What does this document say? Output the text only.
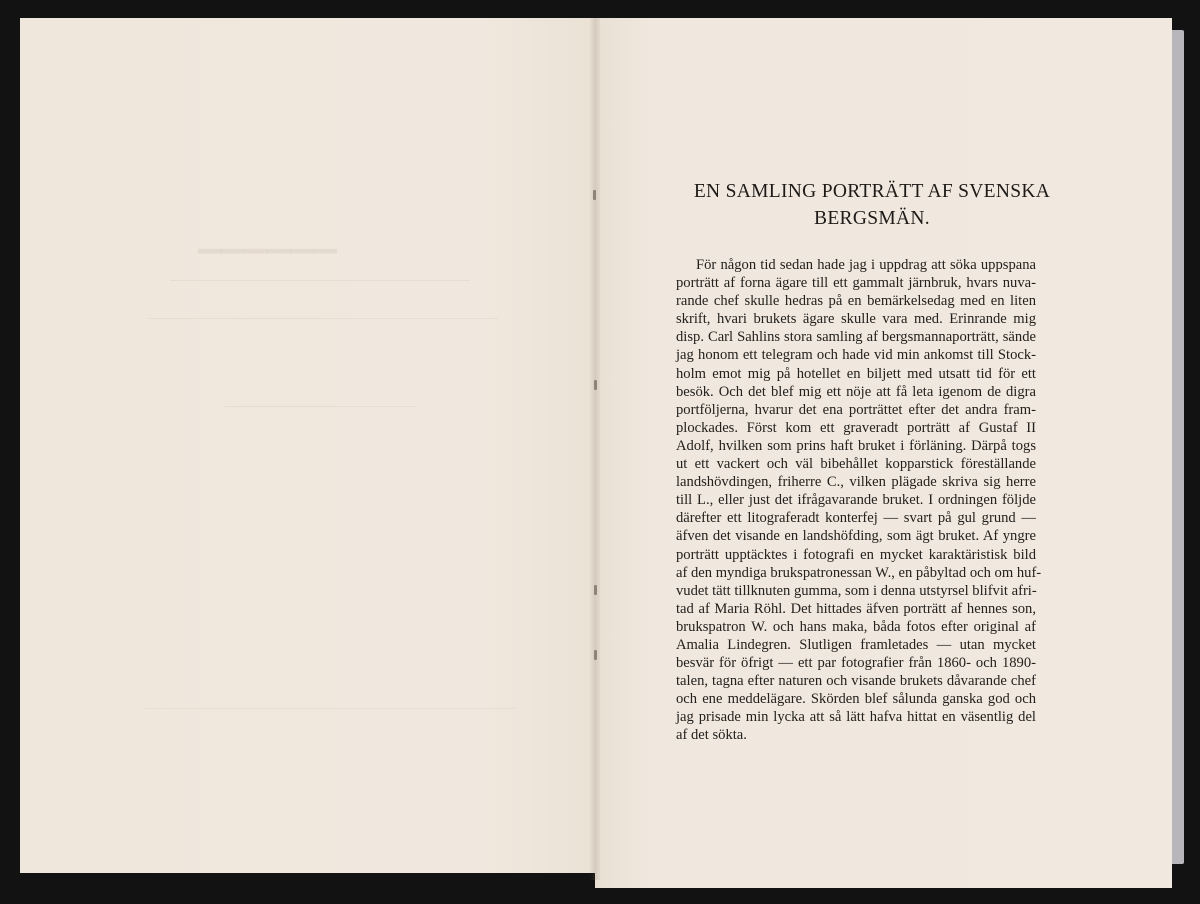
▔▔▔▔▔▔
EN SAMLING PORTRÄTT AF SVENSKA
BERGSMÄN.
För någon tid sedan hade jag i uppdrag att söka uppspana
porträtt af forna ägare till ett gammalt järnbruk, hvars nuva-
rande chef skulle hedras på en bemärkelsedag med en liten
skrift, hvari brukets ägare skulle vara med. Erinrande mig
disp. Carl Sahlins stora samling af bergsmannaporträtt, sände
jag honom ett telegram och hade vid min ankomst till Stock-
holm emot mig på hotellet en biljett med utsatt tid för ett
besök. Och det blef mig ett nöje att få leta igenom de digra
portföljerna, hvarur det ena porträttet efter det andra fram-
plockades. Först kom ett graveradt porträtt af Gustaf II
Adolf, hvilken som prins haft bruket i förläning. Därpå togs
ut ett vackert och väl bibehållet kopparstick föreställande
landshövdingen, friherre C., vilken plägade skriva sig herre
till L., eller just det ifrågavarande bruket. I ordningen följde
därefter ett litograferadt konterfej — svart på gul grund —
äfven det visande en landshöfding, som ägt bruket. Af yngre
porträtt upptäcktes i fotografi en mycket karaktäristisk bild
af den myndiga brukspatronessan W., en påbyltad och om huf-
vudet tätt tillknuten gumma, som i denna utstyrsel blifvit afri-
tad af Maria Röhl. Det hittades äfven porträtt af hennes son,
brukspatron W. och hans maka, båda fotos efter original af
Amalia Lindegren. Slutligen framletades — utan mycket
besvär för öfrigt — ett par fotografier från 1860- och 1890-
talen, tagna efter naturen och visande brukets dåvarande chef
och ene meddelägare. Skörden blef sålunda ganska god och
jag prisade min lycka att så lätt hafva hittat en väsentlig del
af det sökta.
